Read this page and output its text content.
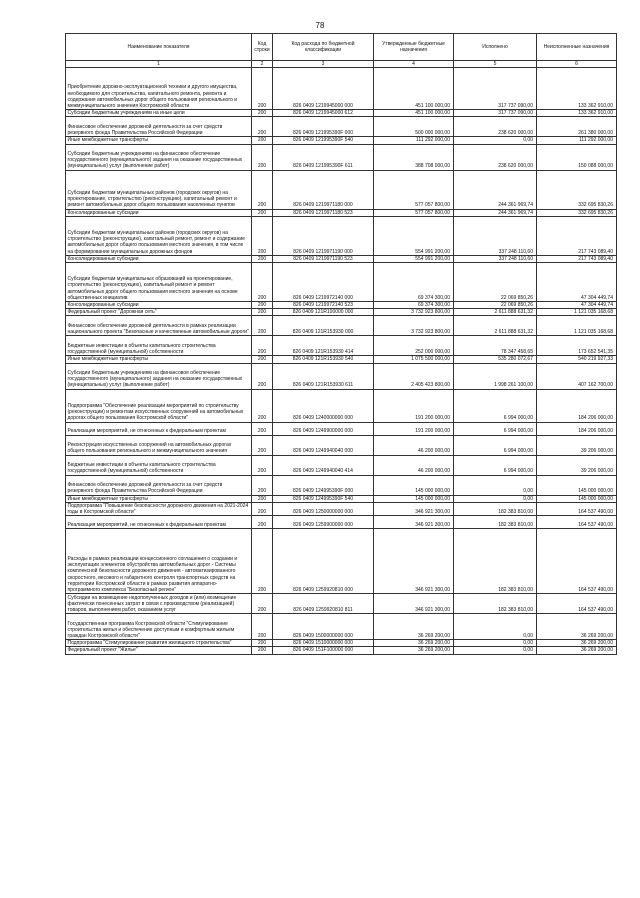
78
Наименование показателя	Код строки	Код расхода по бюджетной классификации	Утвержденные бюджетные назначения	Исполнено	Неисполненные назначения
1	2	3	4	5	6
Приобретение дорожно-эксплуатационной техники и другого имущества, необходимого для строительства, капитального ремонта, ремонта и содержания автомобильных дорог общего пользования регионального и межмуниципального значения Костромской области	200	826 0409 1219945000 000	451 100 000,00	317 737 090,00	133 362 910,00
Субсидии бюджетным учреждениям на иные цели	200	826 0409 1219945000 612	451 100 000,00	317 737 090,00	133 362 910,00
Финансовое обеспечение дорожной деятельности за счет средств резервного фонда Правительства Российской Федерации	200	826 0409 121995390F 000	500 000 000,00	238 620 000,00	261 380 000,00
Иные межбюджетные трансферты	200	826 0409 121995390F 540	111 292 000,00	0,00	111 292 000,00
Субсидии бюджетным учреждениям на финансовое обеспечение государственного (муниципального) задания на оказание государственных (муниципальных) услуг (выполнение работ)	200	826 0409 121995390F 611	388 708 000,00	238 620 000,00	150 088 000,00
Субсидии бюджетам муниципальных районов (городских округов) на проектирование, строительство (реконструкцию), капитальный ремонт и ремонт автомобильных дорог общего пользования населенных пунктов	200	826 0409 1219971180 000	577 057 800,00	244 361 969,74	332 695 830,26
Консолидированные субсидии	200	826 0409 1219971180 523	577 057 800,00	244 361 969,74	332 695 830,26
Субсидии бюджетам муниципальных районов (городских округов) на строительство (реконструкцию), капитальный ремонт, ремонт и содержание автомобильных дорог общего пользования местного значения, в том числе на формирование муниципальных дорожных фондов	200	826 0409 1219971190 000	554 991 200,00	337 248 110,60	217 743 089,40
Консолидированные субсидии	200	826 0409 1219971190 523	554 991 200,00	337 248 110,60	217 743 089,40
Субсидии бюджетам муниципальных образований на проектирование, строительство (реконструкцию), капитальный ремонт и ремонт автомобильных дорог общего пользования местного значения на основе общественных инициатив	200	826 0409 1219972140 000	69 374 300,00	22 069 850,26	47 304 449,74
Консолидированные субсидии	200	826 0409 1219972140 523	69 374 300,00	22 069 850,26	47 304 449,74
Федеральный проект "Дорожная сеть"	200	826 0409 121R100000 000	3 732 923 800,00	2 611 888 631,32	1 121 035 168,68
Финансовое обеспечение дорожной деятельности в рамках реализации национального проекта "Безопасные и качественные автомобильные дороги"	200	826 0409 121R153930 000	3 732 923 800,00	2 611 888 631,32	1 121 035 168,68
Бюджетные инвестиции в объекты капитального строительства государственной (муниципальной) собственности	200	826 0409 121R153930 414	252 000 000,00	78 347 458,65	173 652 541,35
Иные межбюджетные трансферты	200	826 0409 121R153930 540	1 075 500 000,00	535 280 072,67	540 219 927,33
Субсидии бюджетным учреждениям на финансовое обеспечение государственного (муниципального) задания на оказание государственных (муниципальных) услуг (выполнение работ)	200	826 0409 121R153930 611	2 405 423 800,00	1 998 261 100,00	407 162 700,00
Подпрограмма "Обеспечение реализации мероприятий по строительству (реконструкции) и ремонтам искусственных сооружений на автомобильных дорогах общего пользования Костромской области"	200	826 0409 1240000000 000	191 200 000,00	6 994 000,00	184 206 000,00
Реализация мероприятий, не отнесенных к федеральным проектам	200	826 0409 1249900000 000	191 200 000,00	6 994 000,00	184 206 000,00
Реконструкция искусственных сооружений на автомобильных дорогах общего пользования регионального и межмуниципального значения	200	826 0409 1249940040 000	46 200 000,00	6 994 000,00	39 206 000,00
Бюджетные инвестиции в объекты капитального строительства государственной (муниципальной) собственности	200	826 0409 1249940040 414	46 200 000,00	6 994 000,00	39 206 000,00
Финансовое обеспечение дорожной деятельности за счет средств резервного фонда Правительства Российской Федерации	200	826 0409 124995390F 000	145 000 000,00	0,00	145 000 000,00
Иные межбюджетные трансферты	200	826 0409 124995390F 540	145 000 000,00	0,00	145 000 000,00
Подпрограмма "Повышение безопасности дорожного движения на 2021-2024 годы в Костромской области"	200	826 0409 1250000000 000	346 921 300,00	182 383 810,00	164 537 490,00
Реализация мероприятий, не отнесенных к федеральным проектам	200	826 0409 1259900000 000	346 921 300,00	182 383 810,00	164 537 490,00
Расходы в рамках реализации концессионного соглашения о создании и эксплуатации элементов обустройства автомобильных дорог - Системы комплексной безопасности дорожного движения - автоматизированного скоростного, весового и габаритного контроля транспортных средств на территории Костромской области в рамках развития аппаратно-программного комплекса "Безопасный регион"	200	826 0409 1259920810 000	346 921 300,00	182 383 810,00	164 537 490,00
Субсидии на возмещение недополученных доходов и (или) возмещение фактически понесенных затрат в связи с производством (реализацией) товаров, выполнением работ, оказанием услуг	200	826 0409 1259920810 811	346 921 300,00	182 383 810,00	164 537 490,00
Государственная программа Костромской области "Стимулирование строительства жилья и обеспечение доступным и комфортным жильем граждан Костромской области"	200	826 0409 1500000000 000	36 269 200,00	0,00	36 269 200,00
Подпрограмма "Стимулирование развития жилищного строительства"	200	826 0409 1510000000 000	36 269 200,00	0,00	36 269 200,00
Федеральный проект "Жилье"	200	826 0409 151F100000 000	36 269 200,00	0,00	36 269 200,00
